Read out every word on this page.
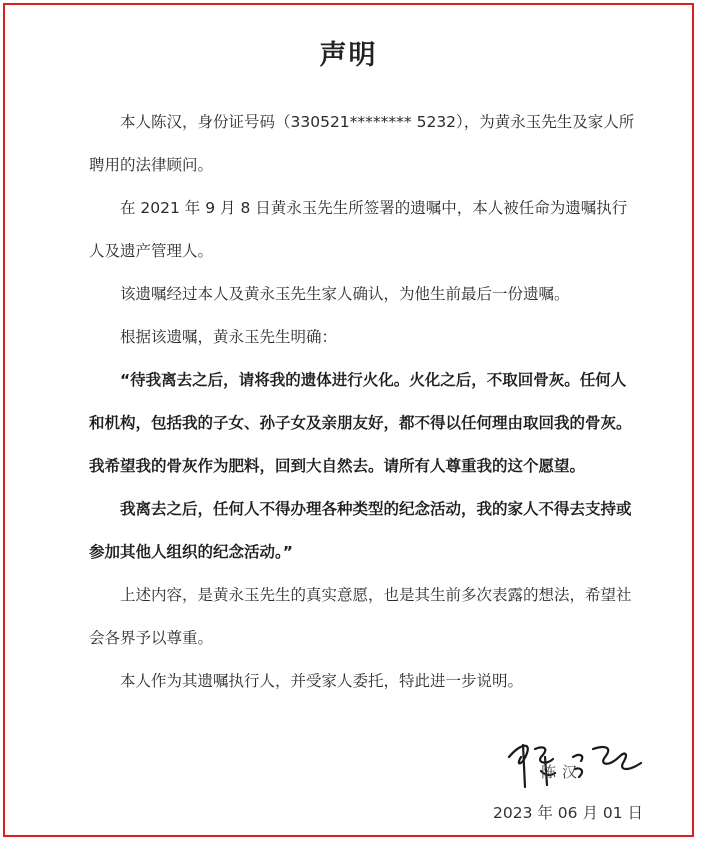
声明

本人陈汉，身份证号码（330521******** 5232），为黄永玉先生及家人所聘用的法律顾问。

在 2021 年 9 月 8 日黄永玉先生所签署的遗嘱中，本人被任命为遗嘱执行人及遗产管理人。

该遗嘱经过本人及黄永玉先生家人确认，为他生前最后一份遗嘱。

根据该遗嘱，黄永玉先生明确：

“待我离去之后，请将我的遗体进行火化。火化之后，不取回骨灰。任何人和机构，包括我的子女、孙子女及亲朋友好，都不得以任何理由取回我的骨灰。我希望我的骨灰作为肥料，回到大自然去。请所有人尊重我的这个愿望。

我离去之后，任何人不得办理各种类型的纪念活动，我的家人不得去支持或参加其他人组织的纪念活动。”

上述内容，是黄永玉先生的真实意愿，也是其生前多次表露的想法，希望社会各界予以尊重。

本人作为其遗嘱执行人，并受家人委托，特此进一步说明。

陈汉
2023 年 06 月 01 日
